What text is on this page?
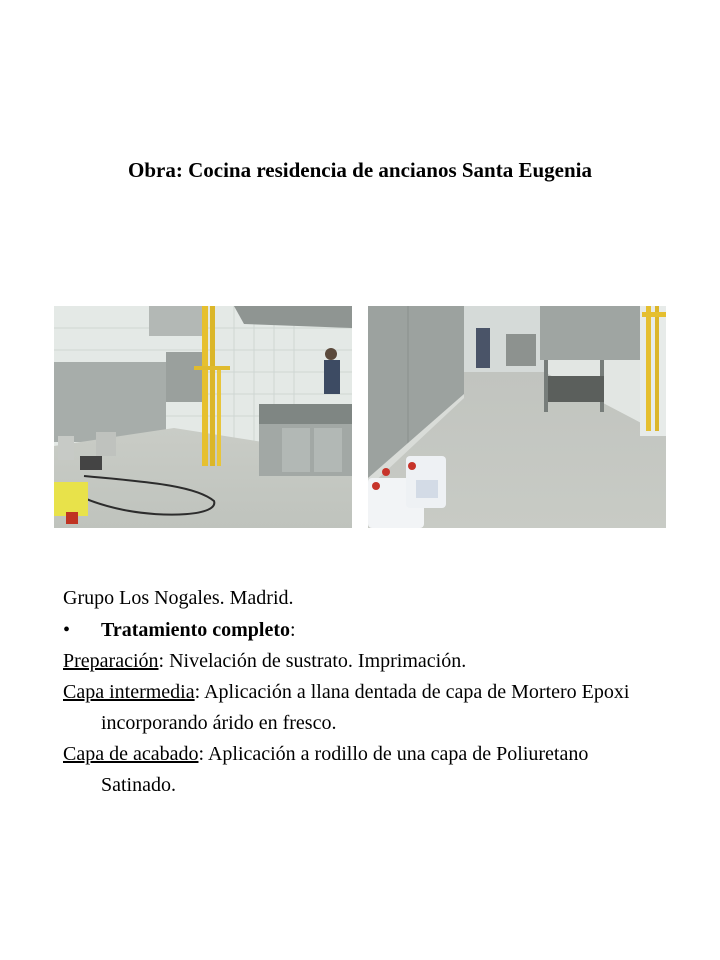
Obra: Cocina residencia de ancianos Santa Eugenia

Grupo Los Nogales. Madrid.

•	Tratamiento completo:

Preparación: Nivelación de sustrato. Imprimación.

Capa intermedia: Aplicación a llana dentada de capa de Mortero Epoxi incorporando árido en fresco.

Capa de acabado: Aplicación a rodillo de una capa de Poliuretano Satinado.
